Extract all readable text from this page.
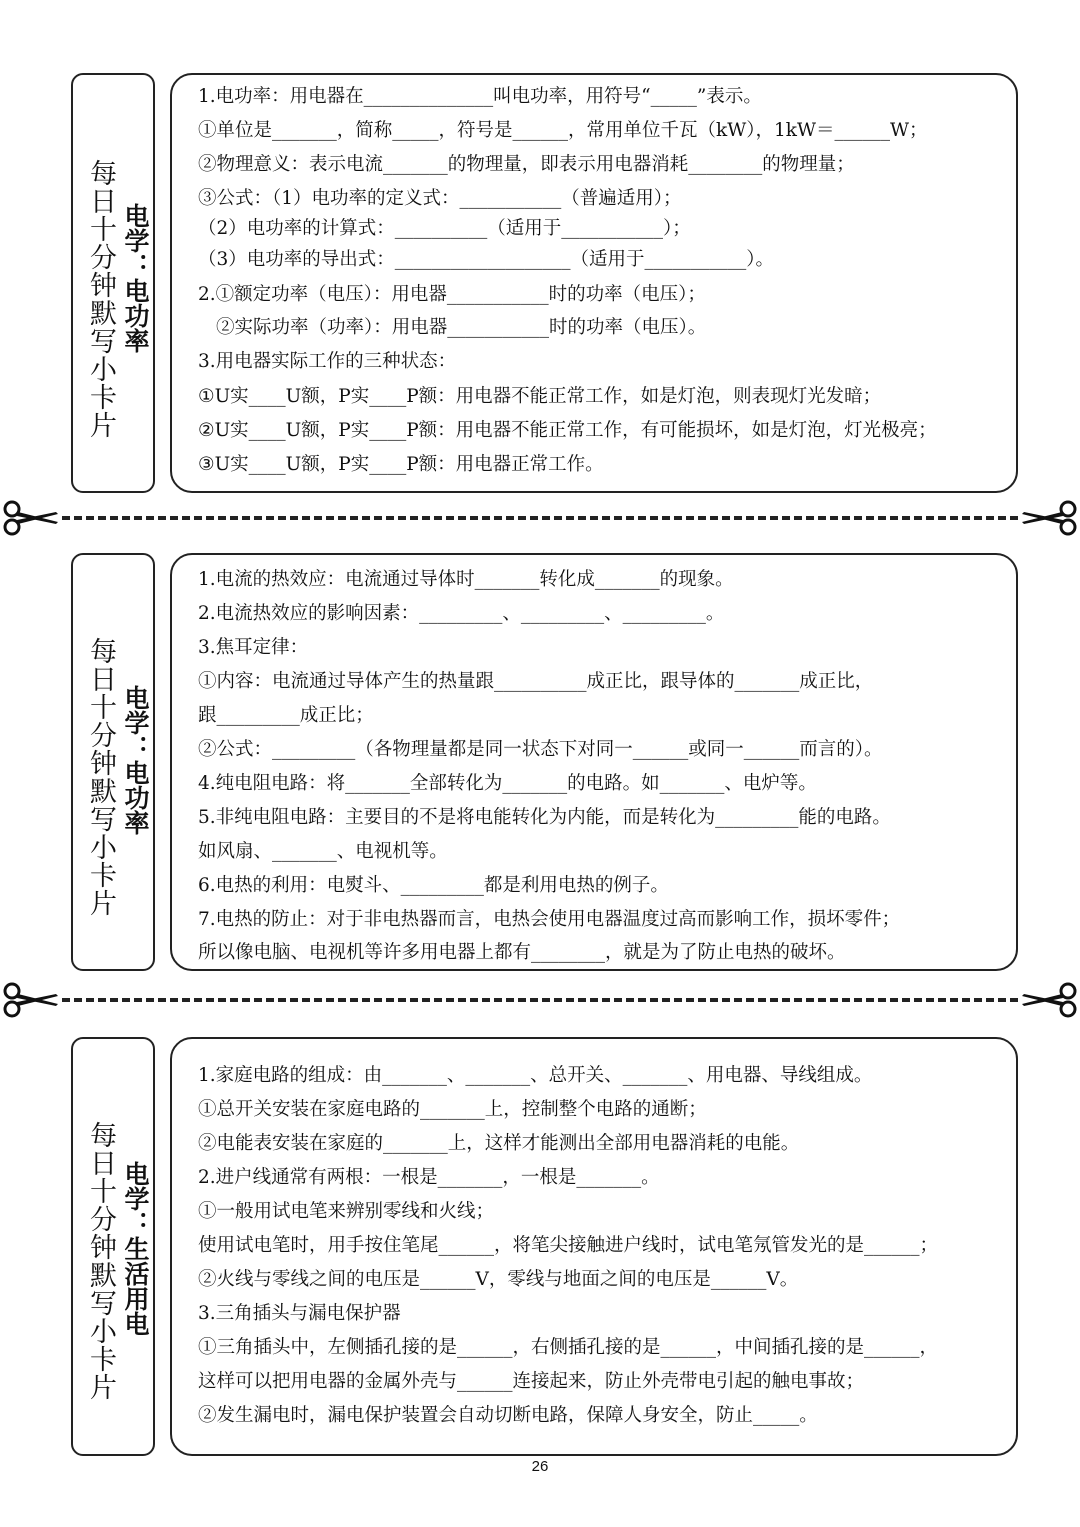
每日十分钟默写小卡片 电学：电功率
1.电功率：用电器在______________叫电功率，用符号“_____”表示。
①单位是_______，简称_____，符号是______，常用单位千瓦（kW），1kW＝______W；
②物理意义：表示电流_______的物理量，即表示用电器消耗________的物理量；
③公式：（1）电功率的定义式：___________（普遍适用）；
（2）电功率的计算式：__________（适用于___________）；
（3）电功率的导出式：___________________（适用于___________）。
2.①额定功率（电压）：用电器___________时的功率（电压）；
②实际功率（功率）：用电器___________时的功率（电压）。
3.用电器实际工作的三种状态：
①U实____U额，P实____P额：用电器不能正常工作，如是灯泡，则表现灯光发暗；
②U实____U额，P实____P额：用电器不能正常工作，有可能损坏，如是灯泡，灯光极亮；
③U实____U额，P实____P额：用电器正常工作。
每日十分钟默写小卡片 电学：电功率
1.电流的热效应：电流通过导体时_______转化成_______的现象。
2.电流热效应的影响因素：_________、_________、_________。
3.焦耳定律：
①内容：电流通过导体产生的热量跟__________成正比，跟导体的_______成正比，
跟_________成正比；
②公式：_________（各物理量都是同一状态下对同一______或同一______而言的）。
4.纯电阻电路：将_______全部转化为_______的电路。如_______、电炉等。
5.非纯电阻电路：主要目的不是将电能转化为内能，而是转化为_________能的电路。
如风扇、_______、电视机等。
6.电热的利用：电熨斗、_________都是利用电热的例子。
7.电热的防止：对于非电热器而言，电热会使用电器温度过高而影响工作，损坏零件；
所以像电脑、电视机等许多用电器上都有________，就是为了防止电热的破坏。
每日十分钟默写小卡片 电学：生活用电
1.家庭电路的组成：由_______、_______、总开关、_______、用电器、导线组成。
①总开关安装在家庭电路的_______上，控制整个电路的通断；
②电能表安装在家庭的_______上，这样才能测出全部用电器消耗的电能。
2.进户线通常有两根：一根是_______，一根是_______。
①一般用试电笔来辨别零线和火线；
使用试电笔时，用手按住笔尾______，将笔尖接触进户线时，试电笔氖管发光的是______；
②火线与零线之间的电压是______V，零线与地面之间的电压是______V。
3.三角插头与漏电保护器
①三角插头中，左侧插孔接的是______，右侧插孔接的是______，中间插孔接的是______，
这样可以把用电器的金属外壳与______连接起来，防止外壳带电引起的触电事故；
②发生漏电时，漏电保护装置会自动切断电路，保障人身安全，防止_____。
26
